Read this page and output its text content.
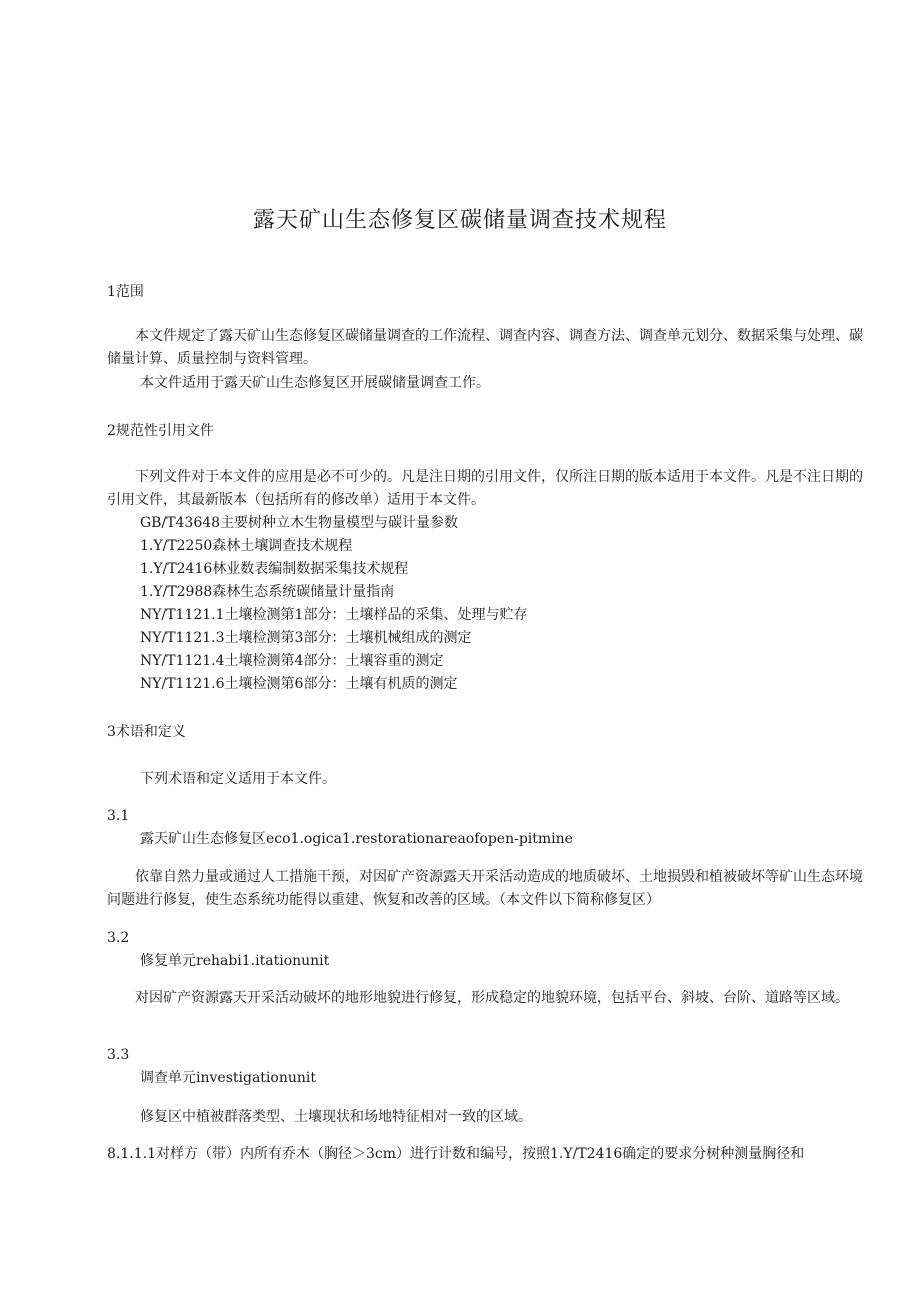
露天矿山生态修复区碳储量调查技术规程
1范围
本文件规定了露天矿山生态修复区碳储量调查的工作流程、调查内容、调查方法、调查单元划分、数据采集与处理、碳储量计算、质量控制与资料管理。
本文件适用于露天矿山生态修复区开展碳储量调查工作。
2规范性引用文件
下列文件对于本文件的应用是必不可少的。凡是注日期的引用文件，仅所注日期的版本适用于本文件。凡是不注日期的引用文件，其最新版本（包括所有的修改单）适用于本文件。
GB/T43648主要树种立木生物量模型与碳计量参数
1.Y/T2250森林土壤调查技术规程
1.Y/T2416林业数表编制数据采集技术规程
1.Y/T2988森林生态系统碳储量计量指南
NY/T1121.1土壤检测第1部分：土壤样品的采集、处理与贮存
NY/T1121.3土壤检测第3部分：土壤机械组成的测定
NY/T1121.4土壤检测第4部分：土壤容重的测定
NY/T1121.6土壤检测第6部分：土壤有机质的测定
3术语和定义
下列术语和定义适用于本文件。
3.1
露天矿山生态修复区eco1.ogica1.restorationareaofopen-pitmine
依靠自然力量或通过人工措施干预，对因矿产资源露天开采活动造成的地质破坏、土地损毁和植被破坏等矿山生态环境问题进行修复，使生态系统功能得以重建、恢复和改善的区域。（本文件以下简称修复区）
3.2
修复单元rehabi1.itationunit
对因矿产资源露天开采活动破坏的地形地貌进行修复，形成稳定的地貌环境，包括平台、斜坡、台阶、道路等区域。
3.3
调查单元investigationunit
修复区中植被群落类型、土壤现状和场地特征相对一致的区域。
8.1.1.1对样方（带）内所有乔木（胸径＞3cm）进行计数和编号，按照1.Y/T2416确定的要求分树种测量胸径和
